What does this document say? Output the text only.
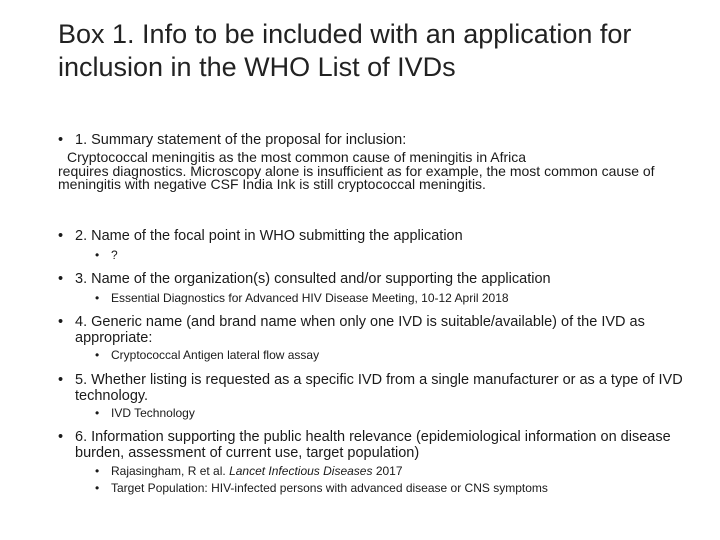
Box 1. Info to be included with an application for inclusion in the WHO List of IVDs
• 1. Summary statement of the proposal for inclusion:
Cryptococcal meningitis as the most common cause of meningitis in Africa
requires diagnostics. Microscopy alone is insufficient as for example, the most common cause of meningitis with negative CSF India Ink is still cryptococcal meningitis.
• 2. Name of the focal point in WHO submitting the application
• ?
• 3. Name of the organization(s) consulted and/or supporting the application
• Essential Diagnostics for Advanced HIV Disease Meeting, 10-12 April 2018
• 4. Generic name (and brand name when only one IVD is suitable/available) of the IVD as appropriate:
• Cryptococcal Antigen lateral flow assay
• 5. Whether listing is requested as a specific IVD from a single manufacturer or as a type of IVD technology.
• IVD Technology
• 6. Information supporting the public health relevance (epidemiological information on disease burden, assessment of current use, target population)
• Rajasingham, R et al. Lancet Infectious Diseases 2017
• Target Population: HIV-infected persons with advanced disease or CNS symptoms
